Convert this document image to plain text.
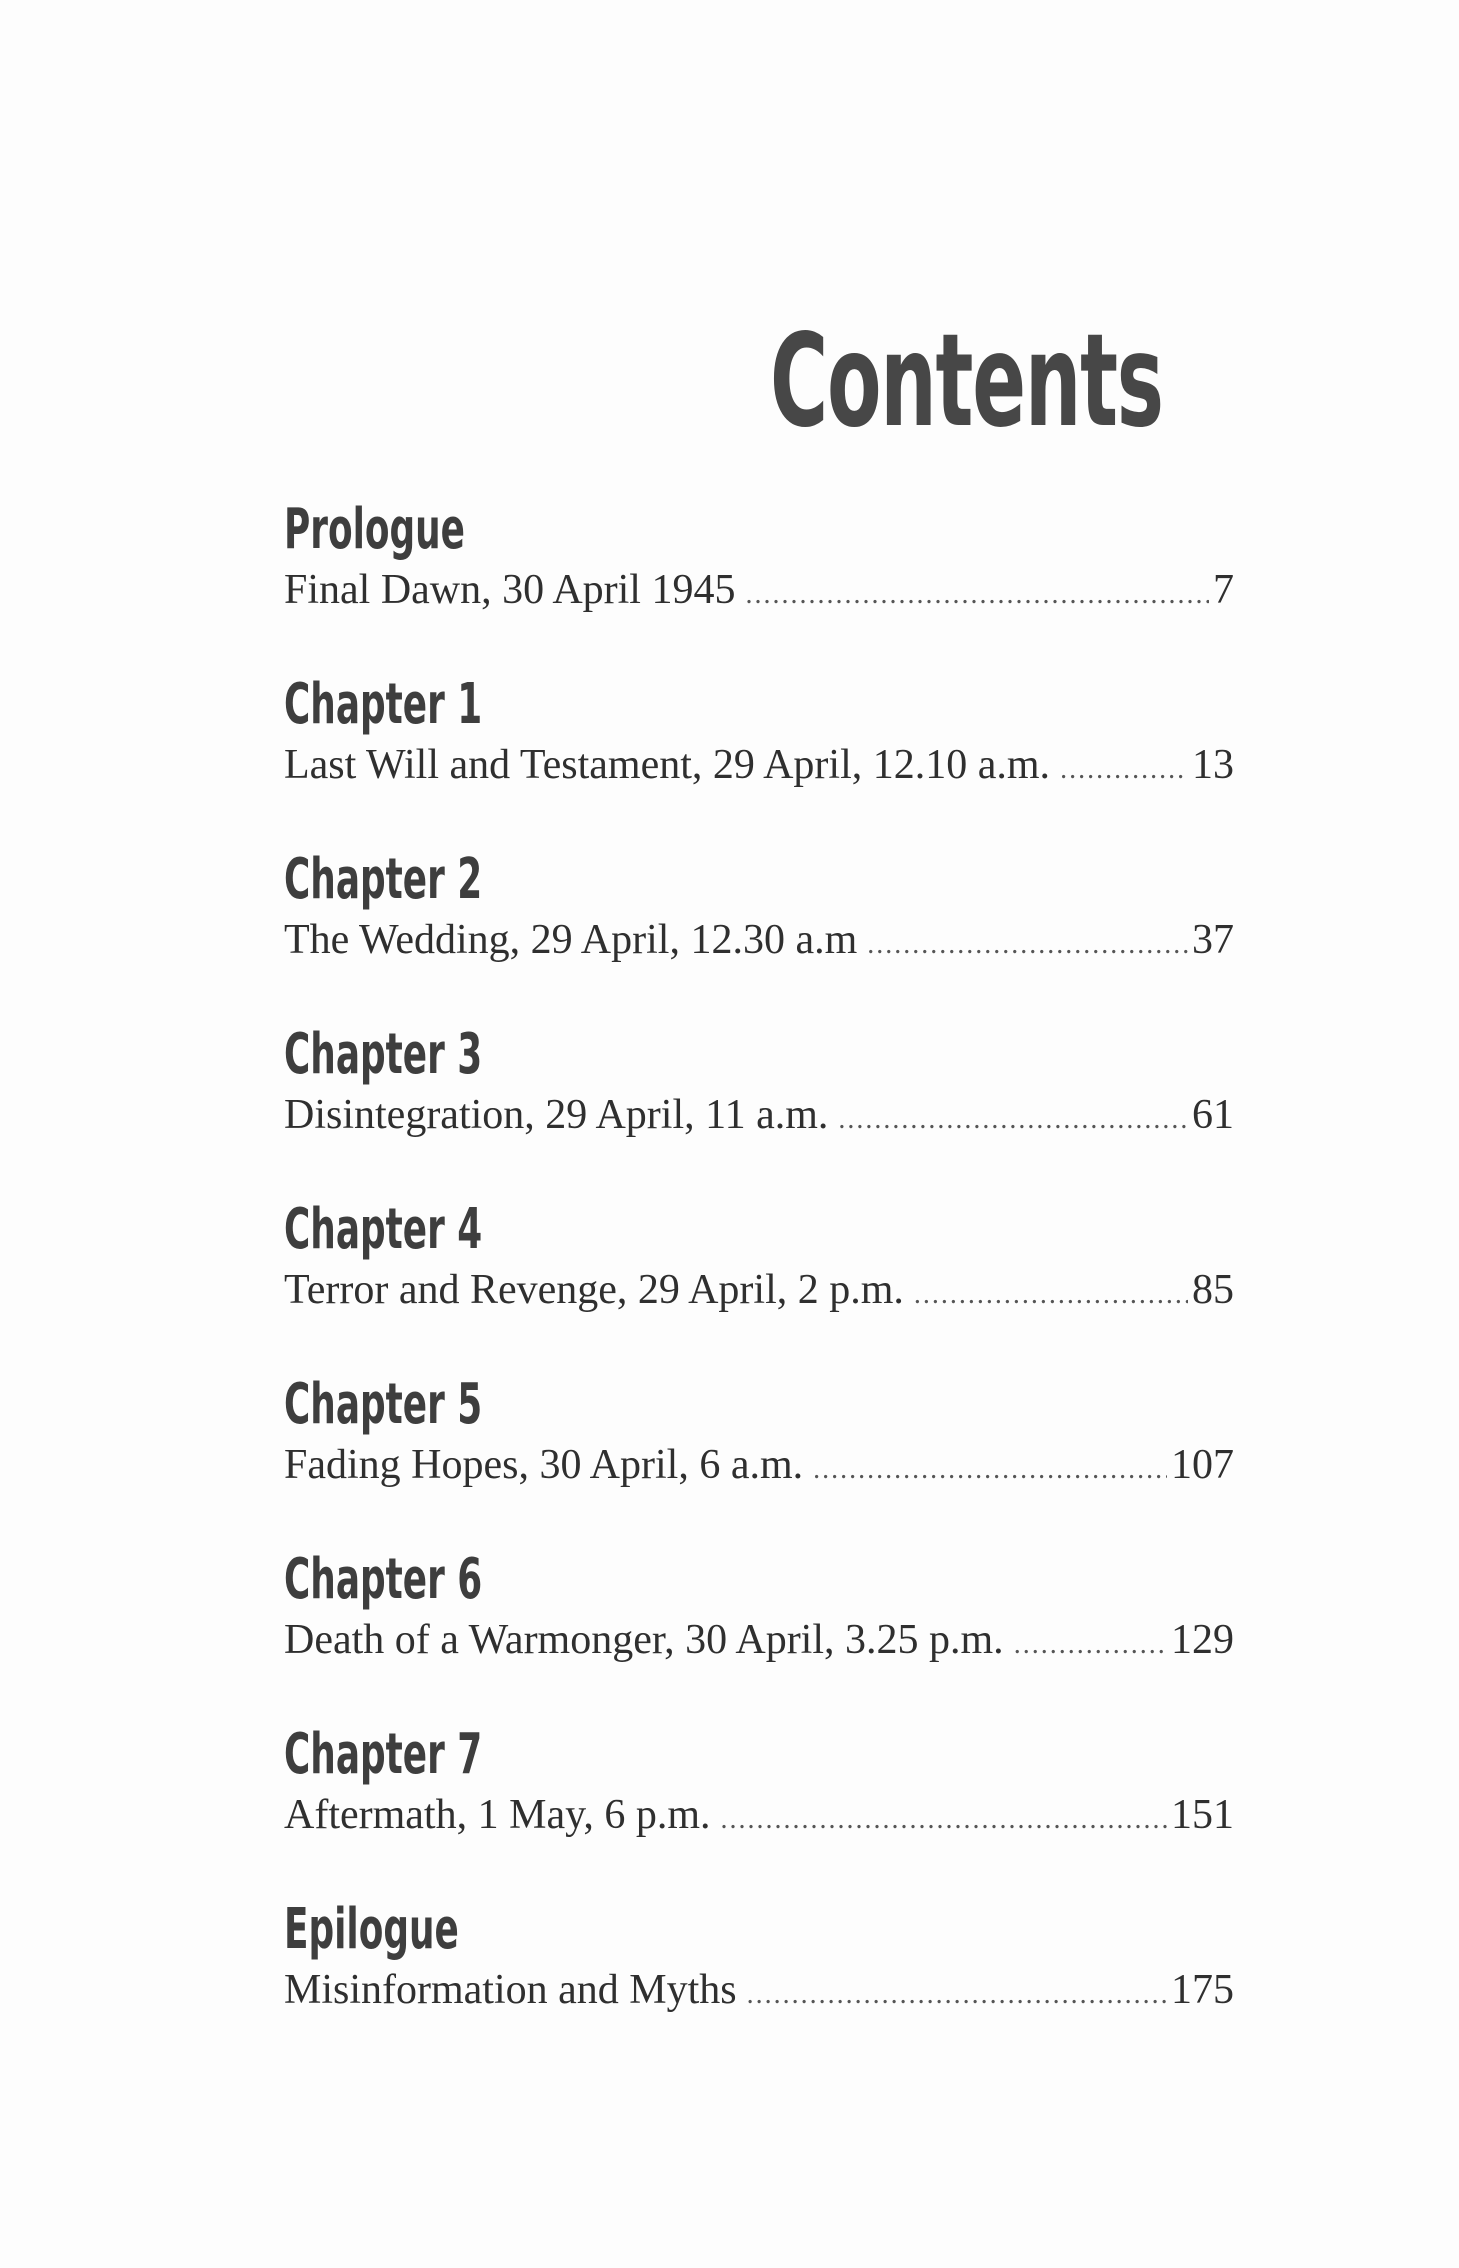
Contents
Prologue
Final Dawn, 30 April 1945 .....	7
Chapter 1
Last Will and Testament, 29 April, 12.10 a.m. .....	13
Chapter 2
The Wedding, 29 April, 12.30 a.m .....	37
Chapter 3
Disintegration, 29 April, 11 a.m. .....	61
Chapter 4
Terror and Revenge, 29 April, 2 p.m. .....	85
Chapter 5
Fading Hopes, 30 April, 6 a.m. .....	107
Chapter 6
Death of a Warmonger, 30 April, 3.25 p.m. .....	129
Chapter 7
Aftermath, 1 May, 6 p.m. .....	151
Epilogue
Misinformation and Myths .....	175
